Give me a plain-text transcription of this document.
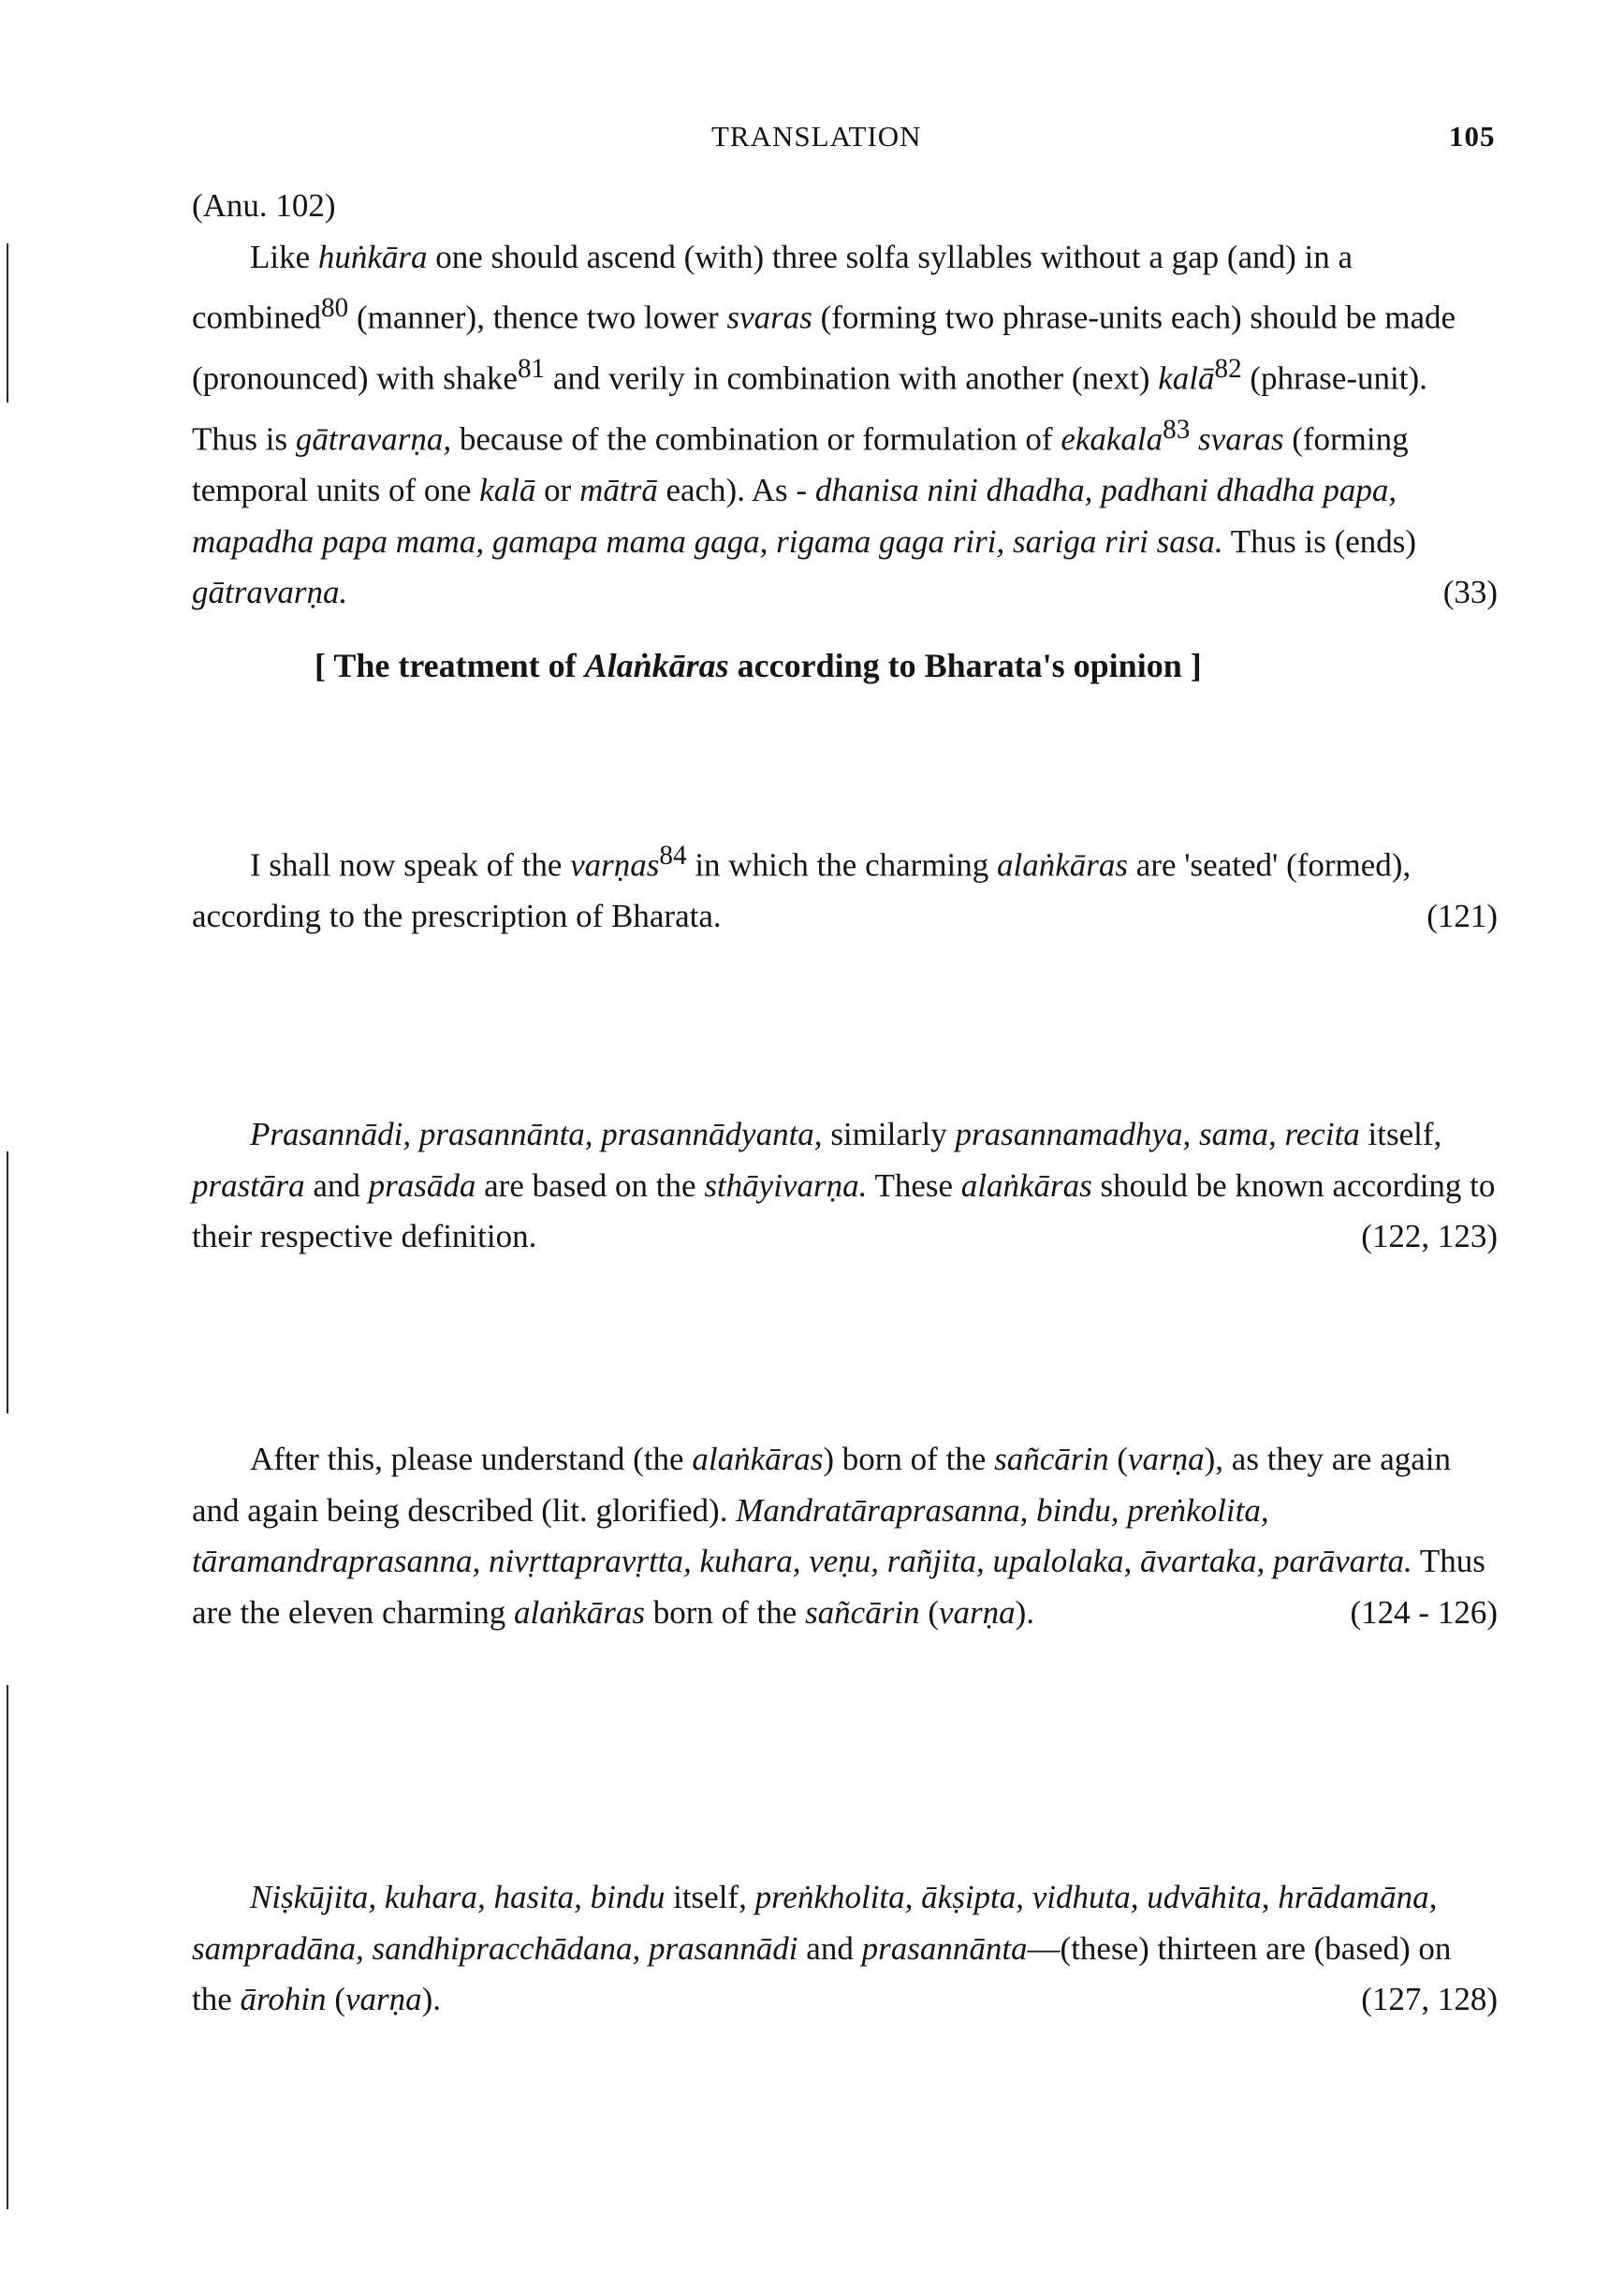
TRANSLATION	105

(Anu. 102)

Like huṅkāra one should ascend (with) three solfa syllables without a gap (and) in a combined$^{80}$ (manner), thence two lower svaras (forming two phrase-units each) should be made (pronounced) with shake$^{81}$ and verily in combination with another (next) kalā$^{82}$ (phrase-unit). Thus is gātravarṇa, because of the combination or formulation of ekakala$^{83}$ svaras (forming temporal units of one kalā or mātrā each). As - dhanisa nini dhadha, padhani dhadha papa, mapadha papa mama, gamapa mama gaga, rigama gaga riri, sariga riri sasa. Thus is (ends) gātravarṇa.	(33)

[ The treatment of Alaṅkāras according to Bharata's opinion ]

I shall now speak of the varṇas$^{84}$ in which the charming alaṅkāras are 'seated' (formed), according to the prescription of Bharata.	(121)

Prasannādi, prasannānta, prasannādyanta, similarly prasannamadhya, sama, recita itself, prastāra and prasāda are based on the sthāyivarṇa. These alaṅkāras should be known according to their respective definition.	(122, 123)

After this, please understand (the alaṅkāras) born of the sañcārin (varṇa), as they are again and again being described (lit. glorified). Mandratāraprasanna, bindu, preṅkolita, tāramandraprasanna, nivṛttapravṛtta, kuhara, veṇu, rañjita, upalolaka, āvartaka, parāvarta. Thus are the eleven charming alaṅkāras born of the sañcārin (varṇa).	(124 - 126)

Niṣkūjita, kuhara, hasita, bindu itself, preṅkholita, ākṣipta, vidhuta, udvāhita, hrādamāna, sampradāna, sandhipracchādana, prasannādi and prasannānta—(these) thirteen are (based) on the ārohin (varṇa).	(127, 128)
